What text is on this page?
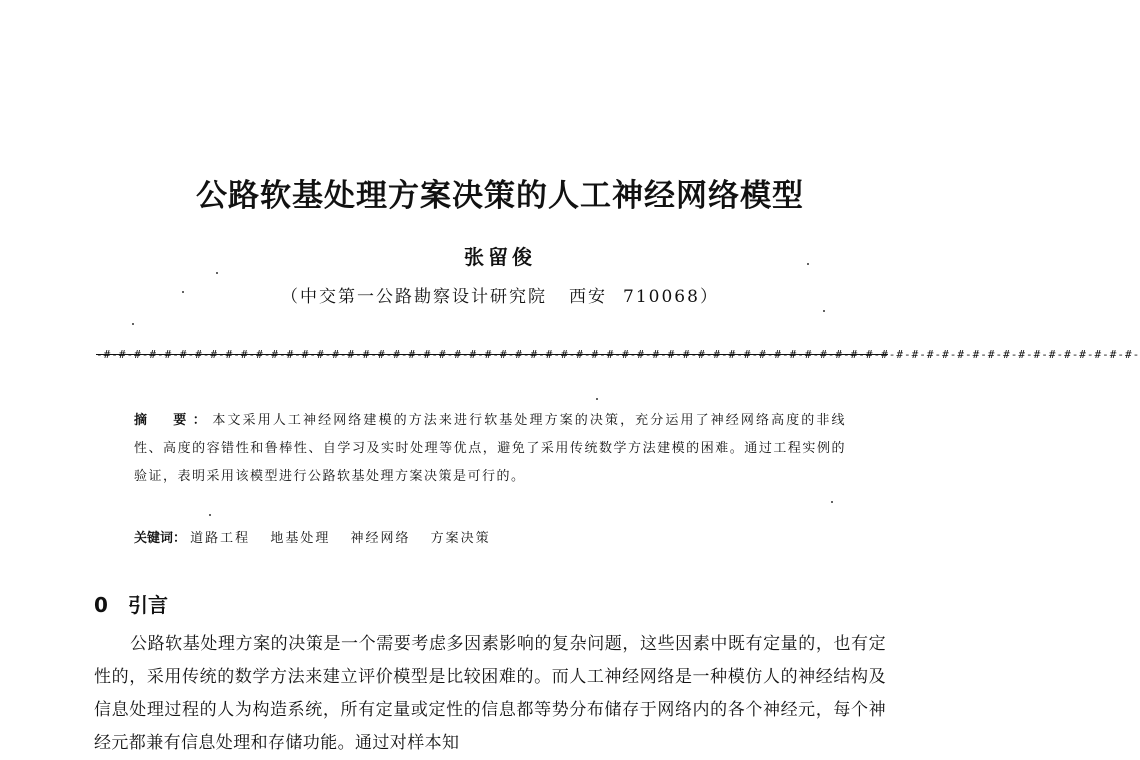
公路软基处理方案决策的人工神经网络模型
张留俊
（中交第一公路勘察设计研究院 西安 710068）
-#-#-#-#-#-#-#-#-#-#-#-#-#-#-#-#-#-#-#-#-#-#-#-#-#-#-#-#-#-#-#-#-#-#-#-#-#-#-#-#-#-#-#-#-#-#-#-#-#-#-#-#-#-#-#-#-#-#-#-#-#-#-#-#-#-#-#-#-
摘　要：本文采用人工神经网络建模的方法来进行软基处理方案的决策，充分运用了神经网络高度的非线性、高度的容错性和鲁棒性、自学习及实时处理等优点，避免了采用传统数学方法建模的困难。通过工程实例的验证，表明采用该模型进行公路软基处理方案决策是可行的。
关键词： 道路工程 地基处理 神经网络 方案决策
0 引言
公路软基处理方案的决策是一个需要考虑多因素影响的复杂问题，这些因素中既有定量的，也有定性的，采用传统的数学方法来建立评价模型是比较困难的。而人工神经网络是一种模仿人的神经结构及信息处理过程的人为构造系统，所有定量或定性的信息都等势分布储存于网络内的各个神经元，每个神经元都兼有信息处理和存储功能。通过对样本知
